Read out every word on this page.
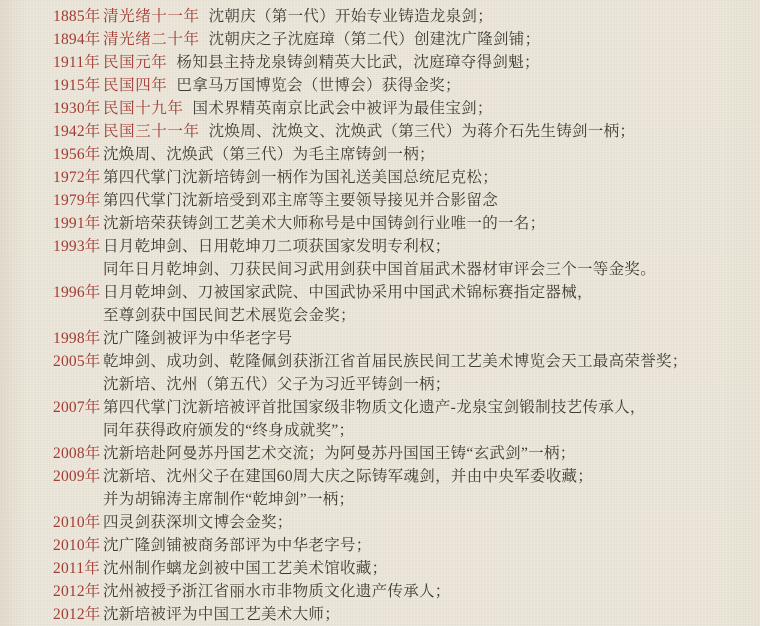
1885年 清光绪十一年 沈朝庆（第一代）开始专业铸造龙泉剑；
1894年 清光绪二十年 沈朝庆之子沈庭璋（第二代）创建沈广隆剑铺；
1911年 民国元年 杨知县主持龙泉铸剑精英大比武，沈庭璋夺得剑魁；
1915年 民国四年 巴拿马万国博览会（世博会）获得金奖；
1930年 民国十九年 国术界精英南京比武会中被评为最佳宝剑；
1942年 民国三十一年 沈焕周、沈焕文、沈焕武（第三代）为蒋介石先生铸剑一柄；
1956年 沈焕周、沈焕武（第三代）为毛主席铸剑一柄；
1972年 第四代掌门沈新培铸剑一柄作为国礼送美国总统尼克松；
1979年 第四代掌门沈新培受到邓主席等主要领导接见并合影留念
1991年 沈新培荣获铸剑工艺美术大师称号是中国铸剑行业唯一的一名；
1993年 日月乾坤剑、日用乾坤刀二项获国家发明专利权；
同年日月乾坤剑、刀获民间习武用剑获中国首届武术器材审评会三个一等金奖。
1996年 日月乾坤剑、刀被国家武院、中国武协采用中国武术锦标赛指定器械，
至尊剑获中国民间艺术展览会金奖；
1998年 沈广隆剑被评为中华老字号
2005年 乾坤剑、成功剑、乾隆佩剑获浙江省首届民族民间工艺美术博览会天工最高荣誉奖；
沈新培、沈州（第五代）父子为习近平铸剑一柄；
2007年 第四代掌门沈新培被评首批国家级非物质文化遗产-龙泉宝剑锻制技艺传承人，
同年获得政府颁发的“终身成就奖”；
2008年 沈新培赴阿曼苏丹国艺术交流；为阿曼苏丹国国王铸“玄武剑”一柄；
2009年 沈新培、沈州父子在建国60周大庆之际铸军魂剑，并由中央军委收藏；
并为胡锦涛主席制作“乾坤剑”一柄；
2010年 四灵剑获深圳文博会金奖；
2010年 沈广隆剑铺被商务部评为中华老字号；
2011年 沈州制作螭龙剑被中国工艺美术馆收藏；
2012年 沈州被授予浙江省丽水市非物质文化遗产传承人；
2012年 沈新培被评为中国工艺美术大师；
